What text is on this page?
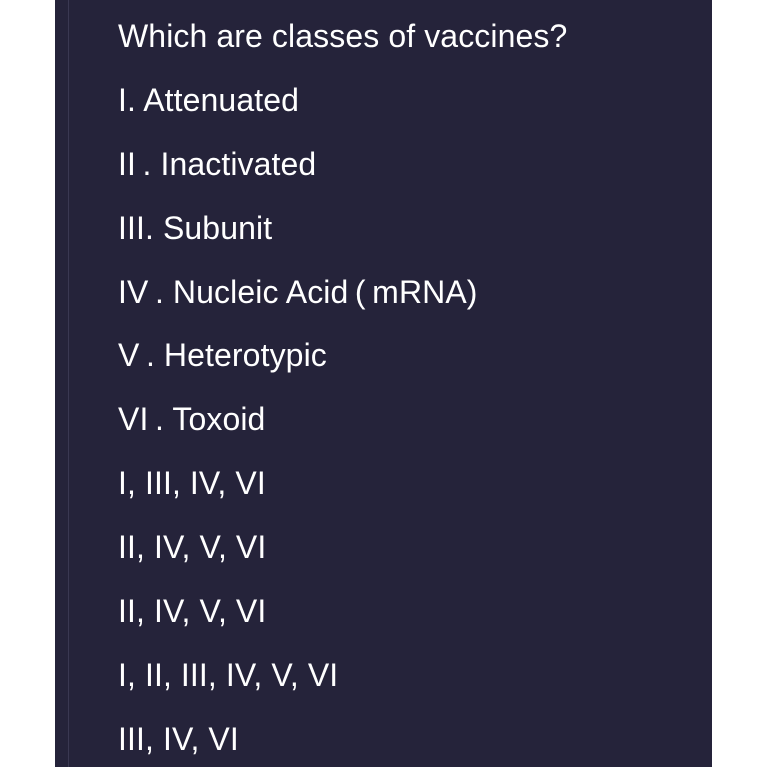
Which are classes of vaccines?

I. Attenuated

II . Inactivated

III. Subunit

IV . Nucleic Acid ( mRNA)

V . Heterotypic

VI . Toxoid

I, III, IV, VI

II, IV, V, VI

II, IV, V, VI

I, II, III, IV, V, VI

III, IV, VI
